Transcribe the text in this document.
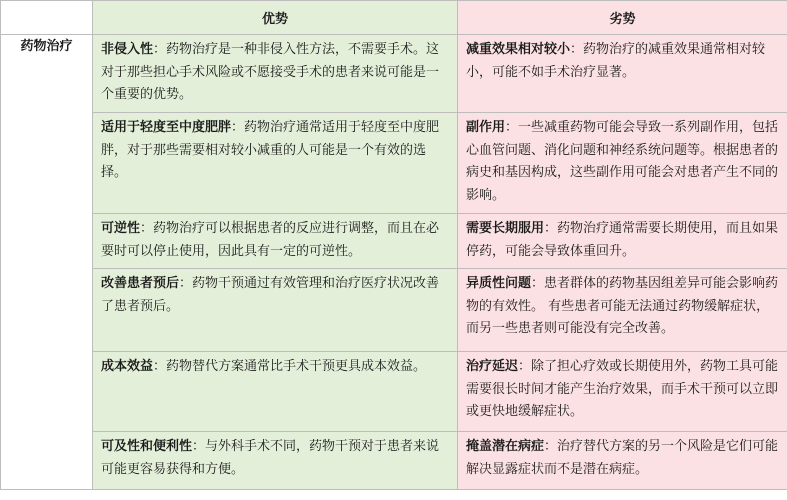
	优势	劣势
药物治疗	非侵入性：药物治疗是一种非侵入性方法，不需要手术。这对于那些担心手术风险或不愿接受手术的患者来说可能是一个重要的优势。	减重效果相对较小：药物治疗的减重效果通常相对较小，可能不如手术治疗显著。
	适用于轻度至中度肥胖：药物治疗通常适用于轻度至中度肥胖，对于那些需要相对较小减重的人可能是一个有效的选择。	副作用：一些减重药物可能会导致一系列副作用，包括心血管问题、消化问题和神经系统问题等。根据患者的病史和基因构成，这些副作用可能会对患者产生不同的影响。
	可逆性：药物治疗可以根据患者的反应进行调整，而且在必要时可以停止使用，因此具有一定的可逆性。	需要长期服用：药物治疗通常需要长期使用，而且如果停药，可能会导致体重回升。
	改善患者预后：药物干预通过有效管理和治疗医疗状况改善了患者预后。	异质性问题：患者群体的药物基因组差异可能会影响药物的有效性。 有些患者可能无法通过药物缓解症状，而另一些患者则可能没有完全改善。
	成本效益：药物替代方案通常比手术干预更具成本效益。	治疗延迟：除了担心疗效或长期使用外，药物工具可能需要很长时间才能产生治疗效果，而手术干预可以立即或更快地缓解症状。
	可及性和便利性：与外科手术不同，药物干预对于患者来说可能更容易获得和方便。	掩盖潜在病症：治疗替代方案的另一个风险是它们可能解决显露症状而不是潜在病症。
